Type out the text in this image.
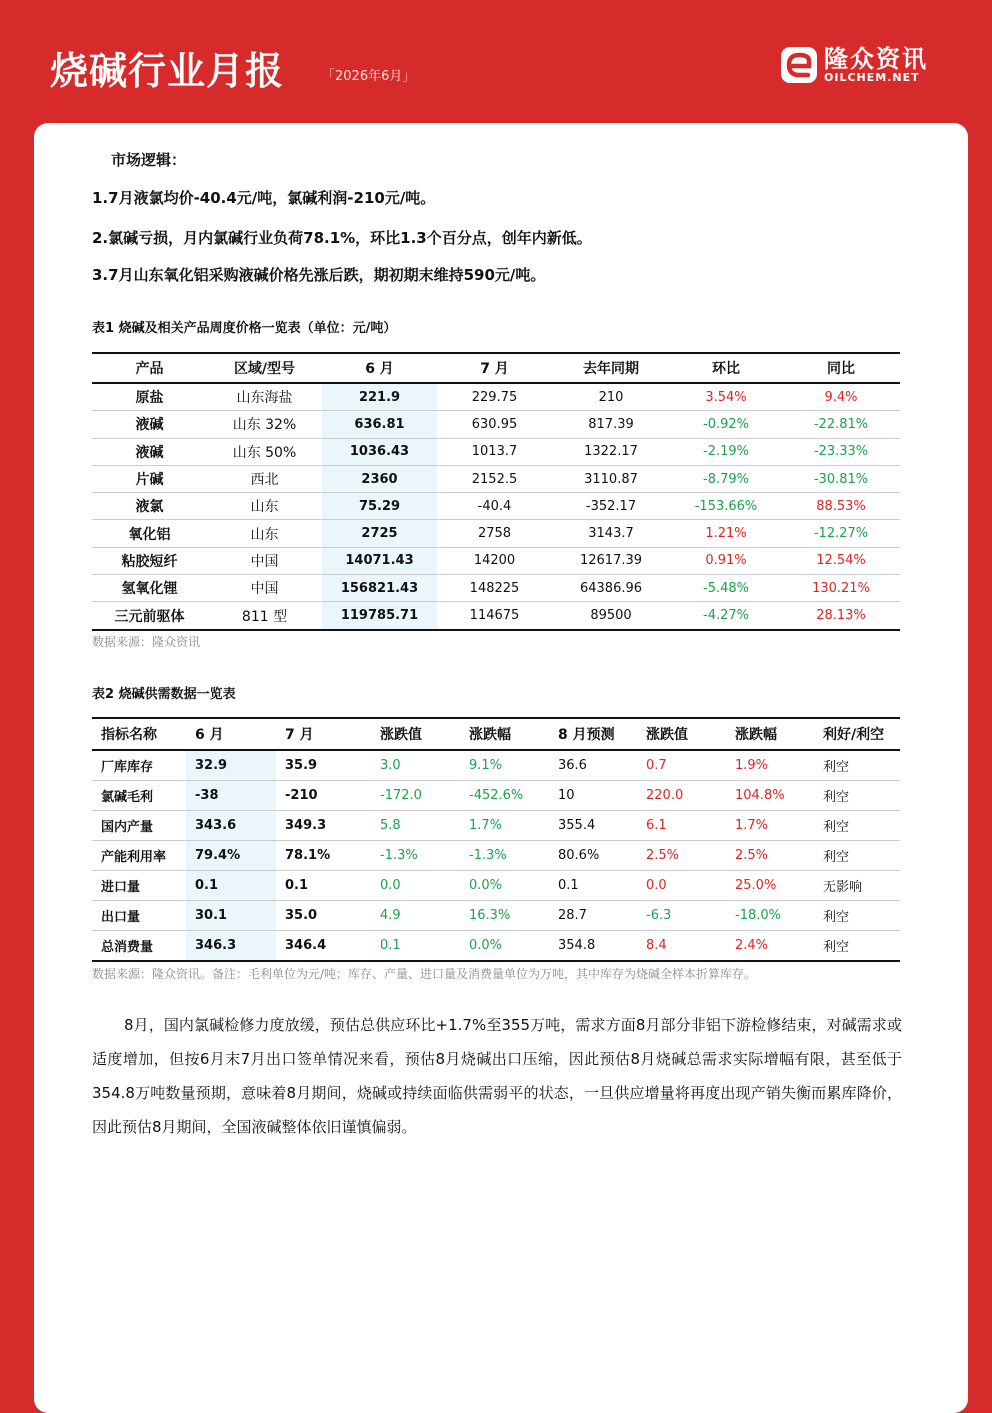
烧碱行业月报	「2026年6月」
隆众资讯
OILCHEM.NET
市场逻辑：
1.7月液氯均价-40.4元/吨，氯碱利润-210元/吨。
2.氯碱亏损，月内氯碱行业负荷78.1%，环比1.3个百分点，创年内新低。
3.7月山东氧化铝采购液碱价格先涨后跌，期初期末维持590元/吨。
表1 烧碱及相关产品周度价格一览表（单位：元/吨）
产品	区域/型号	6 月	7 月	去年同期	环比	同比
原盐	山东海盐	221.9	229.75	210	3.54%	9.4%
液碱	山东 32%	636.81	630.95	817.39	-0.92%	-22.81%
液碱	山东 50%	1036.43	1013.7	1322.17	-2.19%	-23.33%
片碱	西北	2360	2152.5	3110.87	-8.79%	-30.81%
液氯	山东	75.29	-40.4	-352.17	-153.66%	88.53%
氧化铝	山东	2725	2758	3143.7	1.21%	-12.27%
粘胶短纤	中国	14071.43	14200	12617.39	0.91%	12.54%
氢氧化锂	中国	156821.43	148225	64386.96	-5.48%	130.21%
三元前驱体	811 型	119785.71	114675	89500	-4.27%	28.13%
数据来源：隆众资讯
表2 烧碱供需数据一览表
指标名称	6 月	7 月	涨跌值	涨跌幅	8 月预测	涨跌值	涨跌幅	利好/利空
厂库库存	32.9	35.9	3.0	9.1%	36.6	0.7	1.9%	利空
氯碱毛利	-38	-210	-172.0	-452.6%	10	220.0	104.8%	利空
国内产量	343.6	349.3	5.8	1.7%	355.4	6.1	1.7%	利空
产能利用率	79.4%	78.1%	-1.3%	-1.3%	80.6%	2.5%	2.5%	利空
进口量	0.1	0.1	0.0	0.0%	0.1	0.0	25.0%	无影响
出口量	30.1	35.0	4.9	16.3%	28.7	-6.3	-18.0%	利空
总消费量	346.3	346.4	0.1	0.0%	354.8	8.4	2.4%	利空
数据来源：隆众资讯。备注：毛利单位为元/吨；库存、产量、进口量及消费量单位为万吨，其中库存为烧碱全样本折算库存。
8月，国内氯碱检修力度放缓，预估总供应环比+1.7%至355万吨，需求方面8月部分非铝下游检修结束，对碱需求或适度增加，但按6月末7月出口签单情况来看，预估8月烧碱出口压缩，因此预估8月烧碱总需求实际增幅有限，甚至低于354.8万吨数量预期，意味着8月期间，烧碱或持续面临供需弱平的状态，一旦供应增量将再度出现产销失衡而累库降价，因此预估8月期间，全国液碱整体依旧谨慎偏弱。
